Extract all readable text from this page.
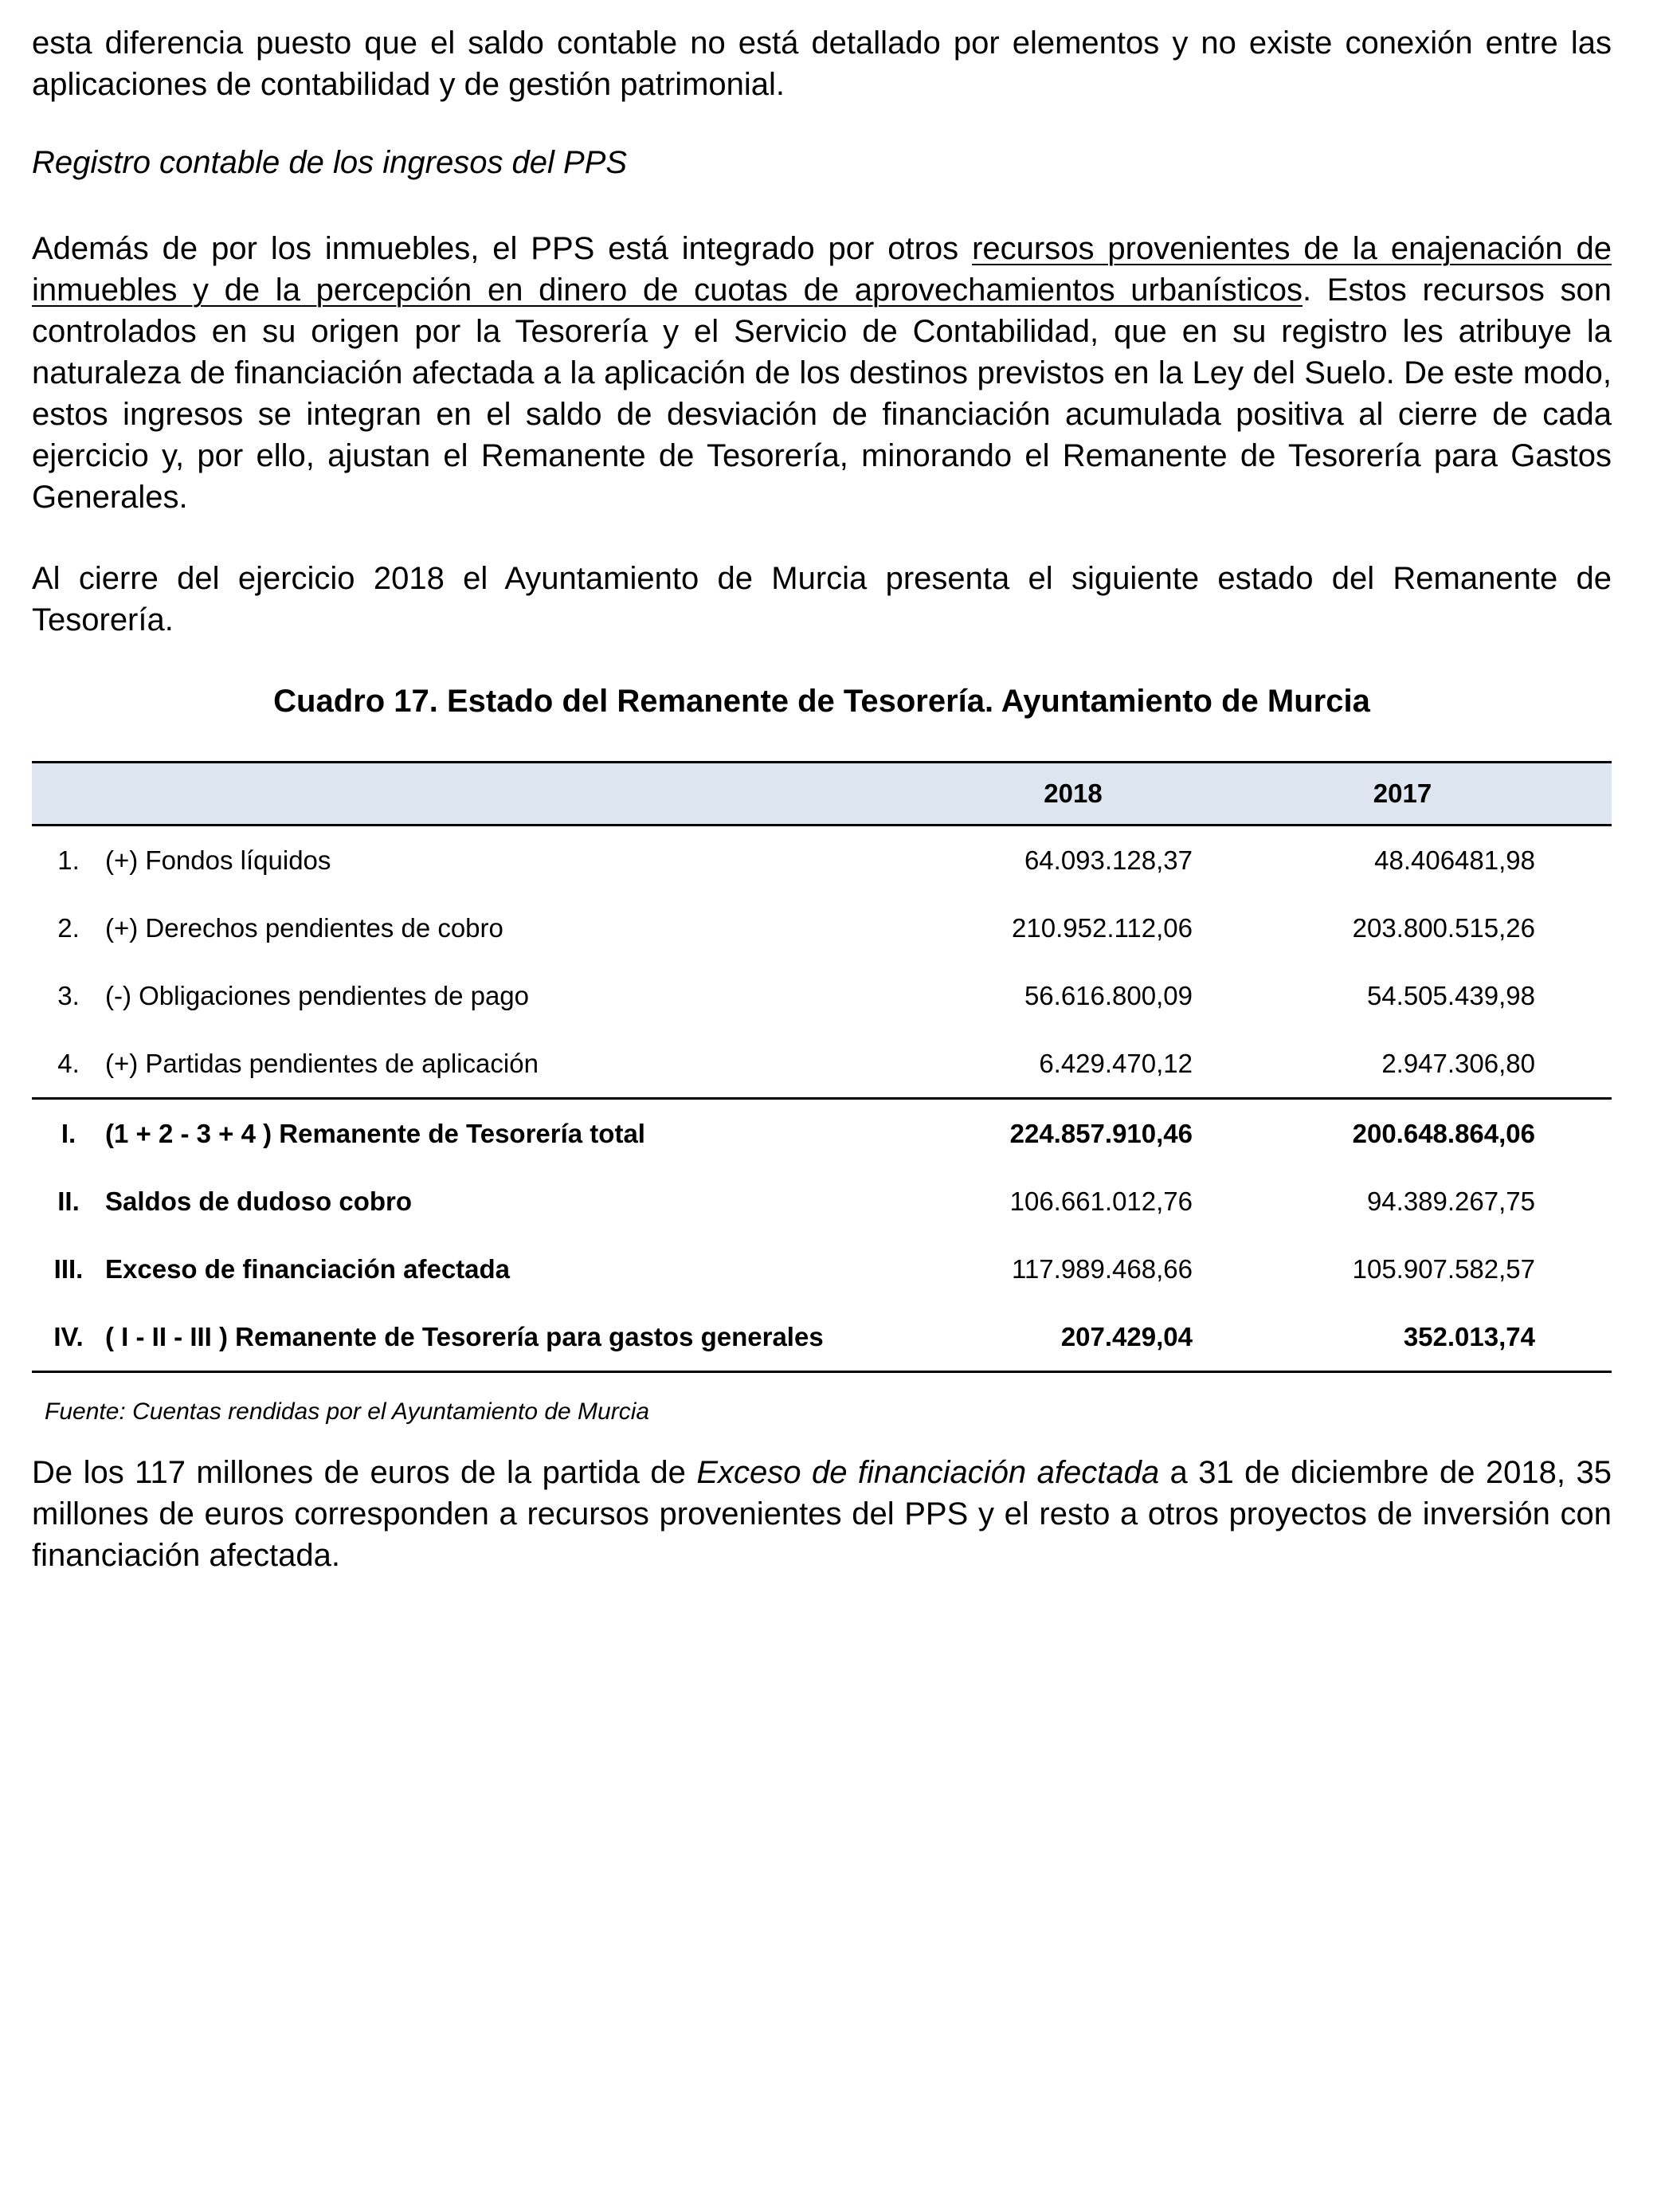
esta diferencia puesto que el saldo contable no está detallado por elementos y no existe conexión entre las aplicaciones de contabilidad y de gestión patrimonial.

Registro contable de los ingresos del PPS

Además de por los inmuebles, el PPS está integrado por otros recursos provenientes de la enajenación de inmuebles y de la percepción en dinero de cuotas de aprovechamientos urbanísticos. Estos recursos son controlados en su origen por la Tesorería y el Servicio de Contabilidad, que en su registro les atribuye la naturaleza de financiación afectada a la aplicación de los destinos previstos en la Ley del Suelo. De este modo, estos ingresos se integran en el saldo de desviación de financiación acumulada positiva al cierre de cada ejercicio y, por ello, ajustan el Remanente de Tesorería, minorando el Remanente de Tesorería para Gastos Generales.

Al cierre del ejercicio 2018 el Ayuntamiento de Murcia presenta el siguiente estado del Remanente de Tesorería.

Cuadro 17. Estado del Remanente de Tesorería. Ayuntamiento de Murcia
		2018	2017
1.	(+) Fondos líquidos	64.093.128,37	48.406481,98
2.	(+) Derechos pendientes de cobro	210.952.112,06	203.800.515,26
3.	(-) Obligaciones pendientes de pago	56.616.800,09	54.505.439,98
4.	(+) Partidas pendientes de aplicación	6.429.470,12	2.947.306,80
I.	(1 + 2 - 3 + 4 ) Remanente de Tesorería total	224.857.910,46	200.648.864,06
II.	Saldos de dudoso cobro	106.661.012,76	94.389.267,75
III.	Exceso de financiación afectada	117.989.468,66	105.907.582,57
IV.	( I - II - III ) Remanente de Tesorería para gastos generales	207.429,04	352.013,74
Fuente: Cuentas rendidas por el Ayuntamiento de Murcia

De los 117 millones de euros de la partida de Exceso de financiación afectada a 31 de diciembre de 2018, 35 millones de euros corresponden a recursos provenientes del PPS y el resto a otros proyectos de inversión con financiación afectada.
